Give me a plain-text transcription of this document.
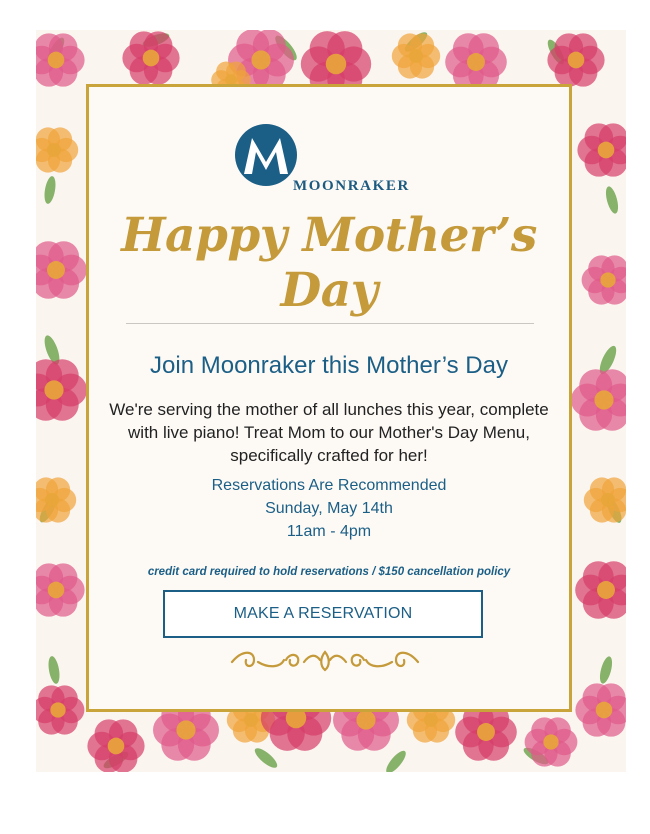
MOONRAKER
Happy Mother’s Day
Join Moonraker this Mother’s Day
We're serving the mother of all lunches this year, complete with live piano! Treat Mom to our Mother's Day Menu, specifically crafted for her!
Reservations Are Recommended
Sunday, May 14th
11am - 4pm
credit card required to hold reservations / $150 cancellation policy
MAKE A RESERVATION
